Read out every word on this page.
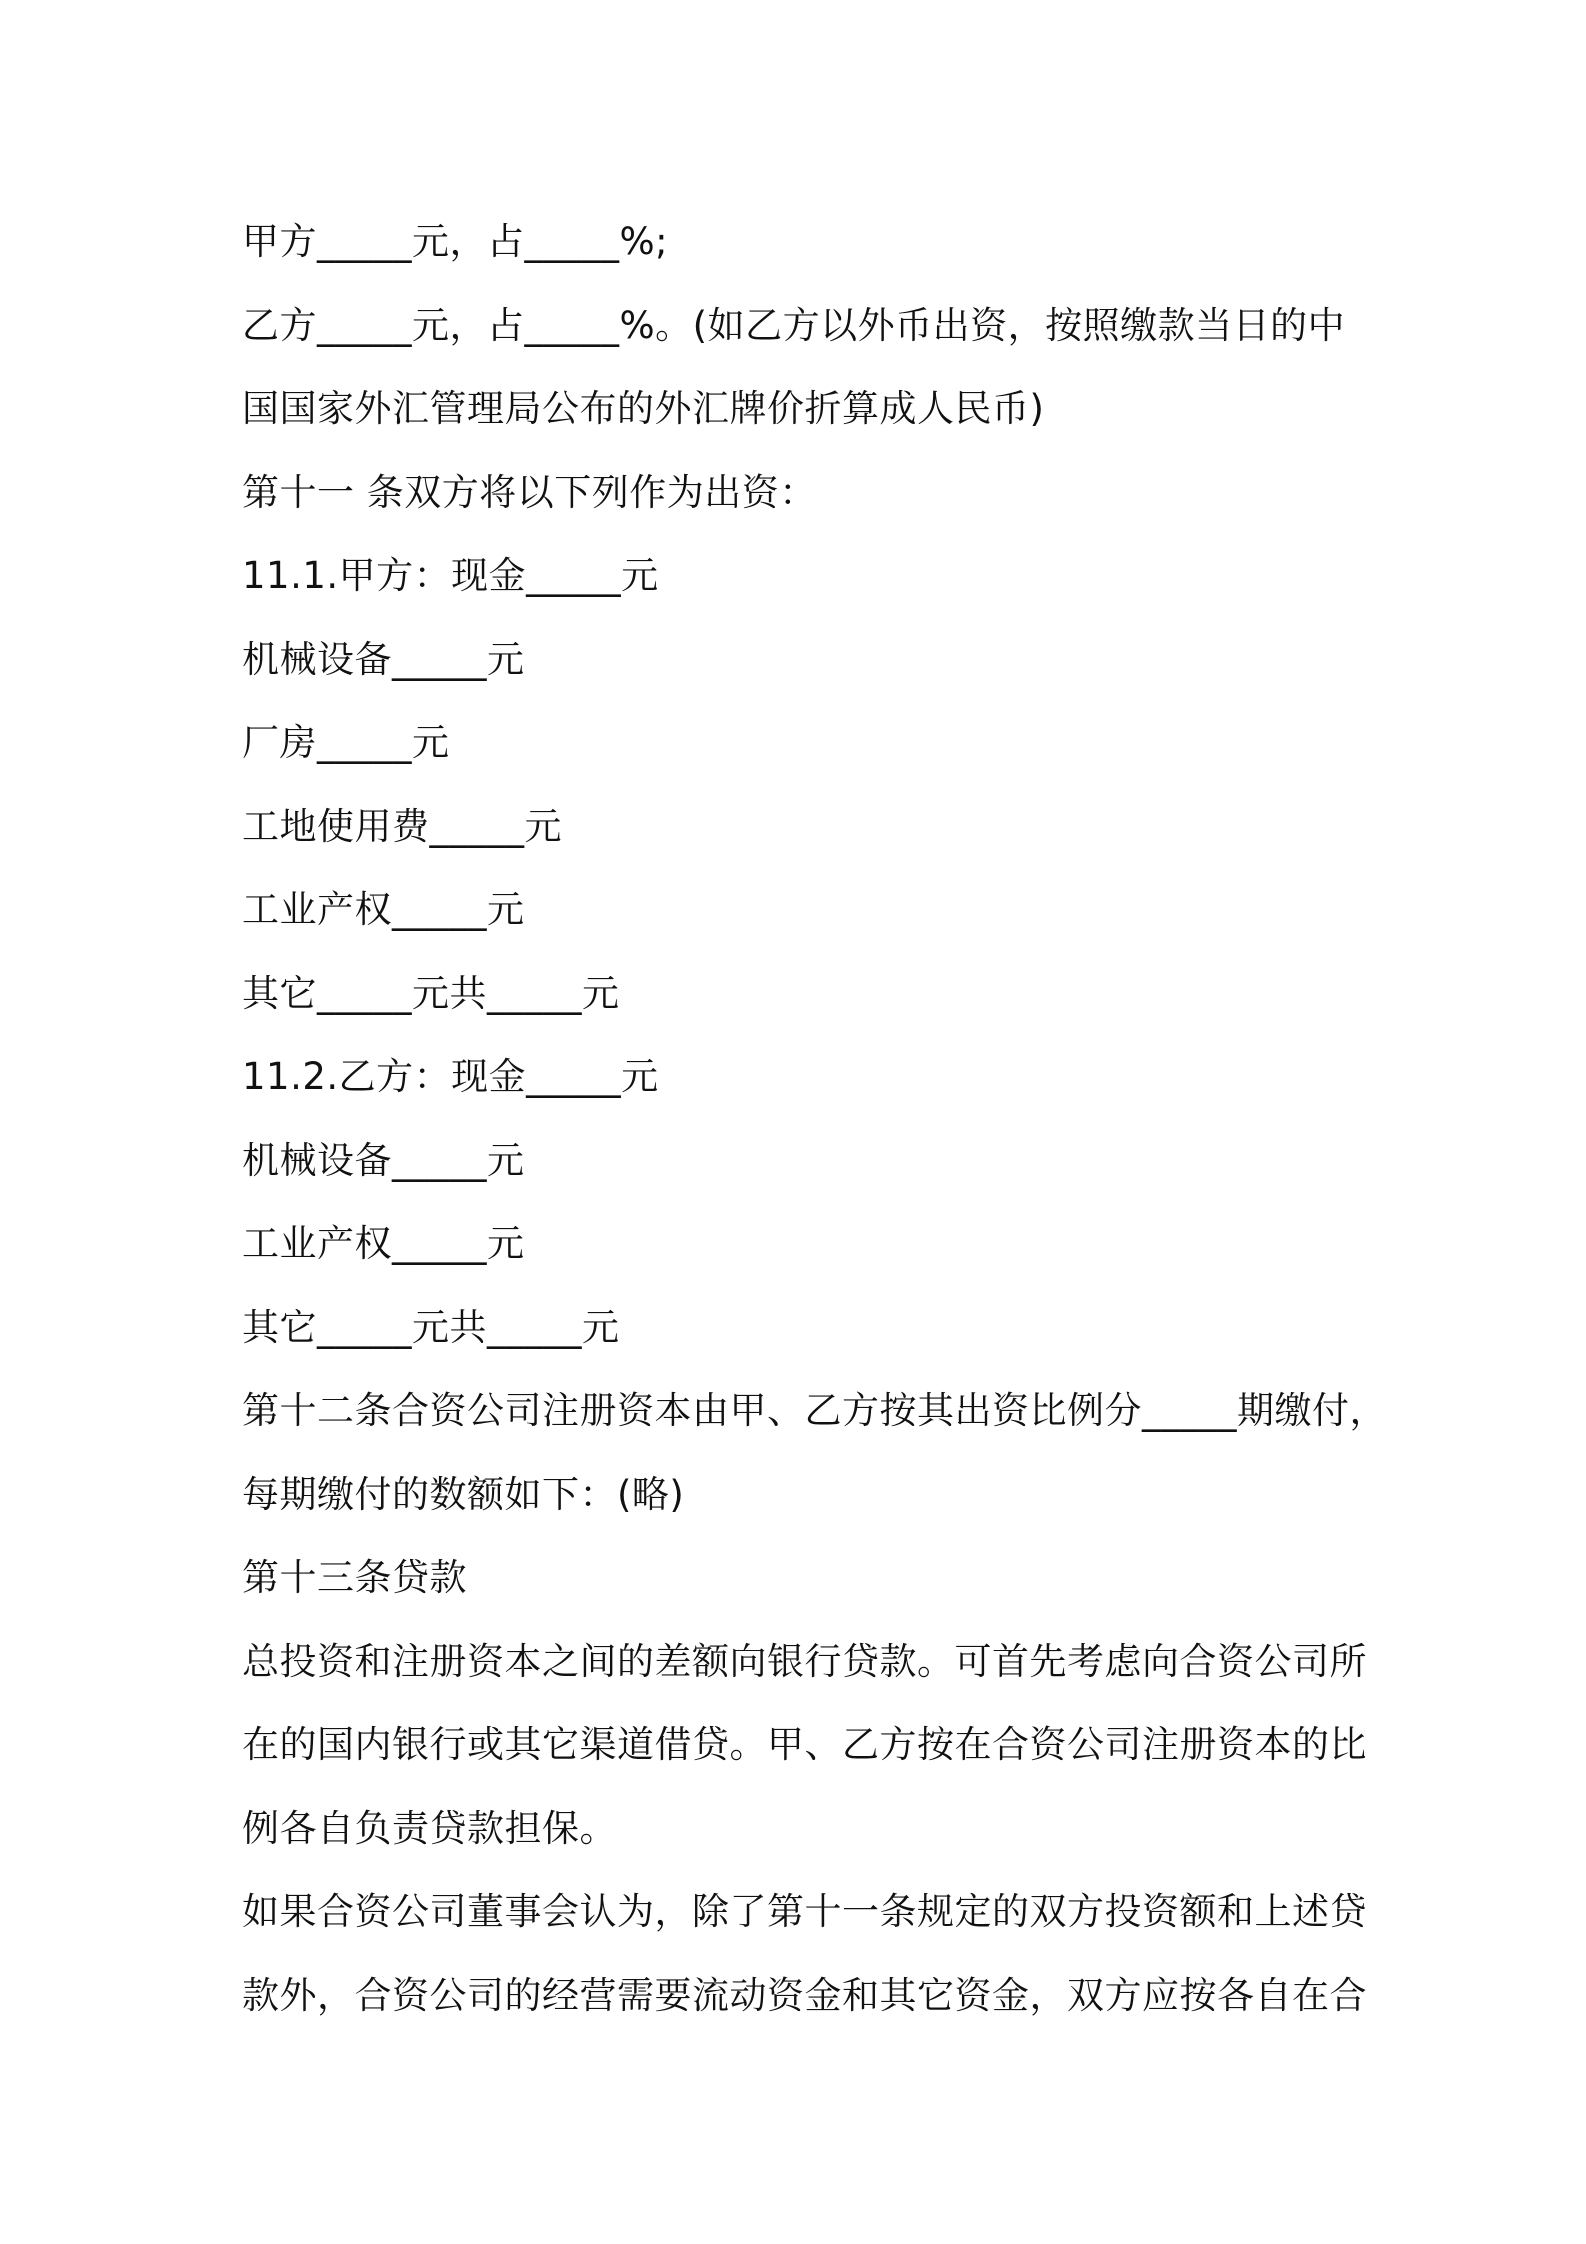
甲方_____元，占_____%;
乙方_____元，占_____%。(如乙方以外币出资，按照缴款当日的中
国国家外汇管理局公布的外汇牌价折算成人民币)
第十一 条双方将以下列作为出资：
11.1.甲方：现金_____元
机械设备_____元
厂房_____元
工地使用费_____元
工业产权_____元
其它_____元共_____元
11.2.乙方：现金_____元
机械设备_____元
工业产权_____元
其它_____元共_____元
第十二条合资公司注册资本由甲、乙方按其出资比例分_____期缴付，
每期缴付的数额如下：(略)
第十三条贷款
总投资和注册资本之间的差额向银行贷款。可首先考虑向合资公司所
在的国内银行或其它渠道借贷。甲、乙方按在合资公司注册资本的比
例各自负责贷款担保。
如果合资公司董事会认为，除了第十一条规定的双方投资额和上述贷
款外，合资公司的经营需要流动资金和其它资金，双方应按各自在合
